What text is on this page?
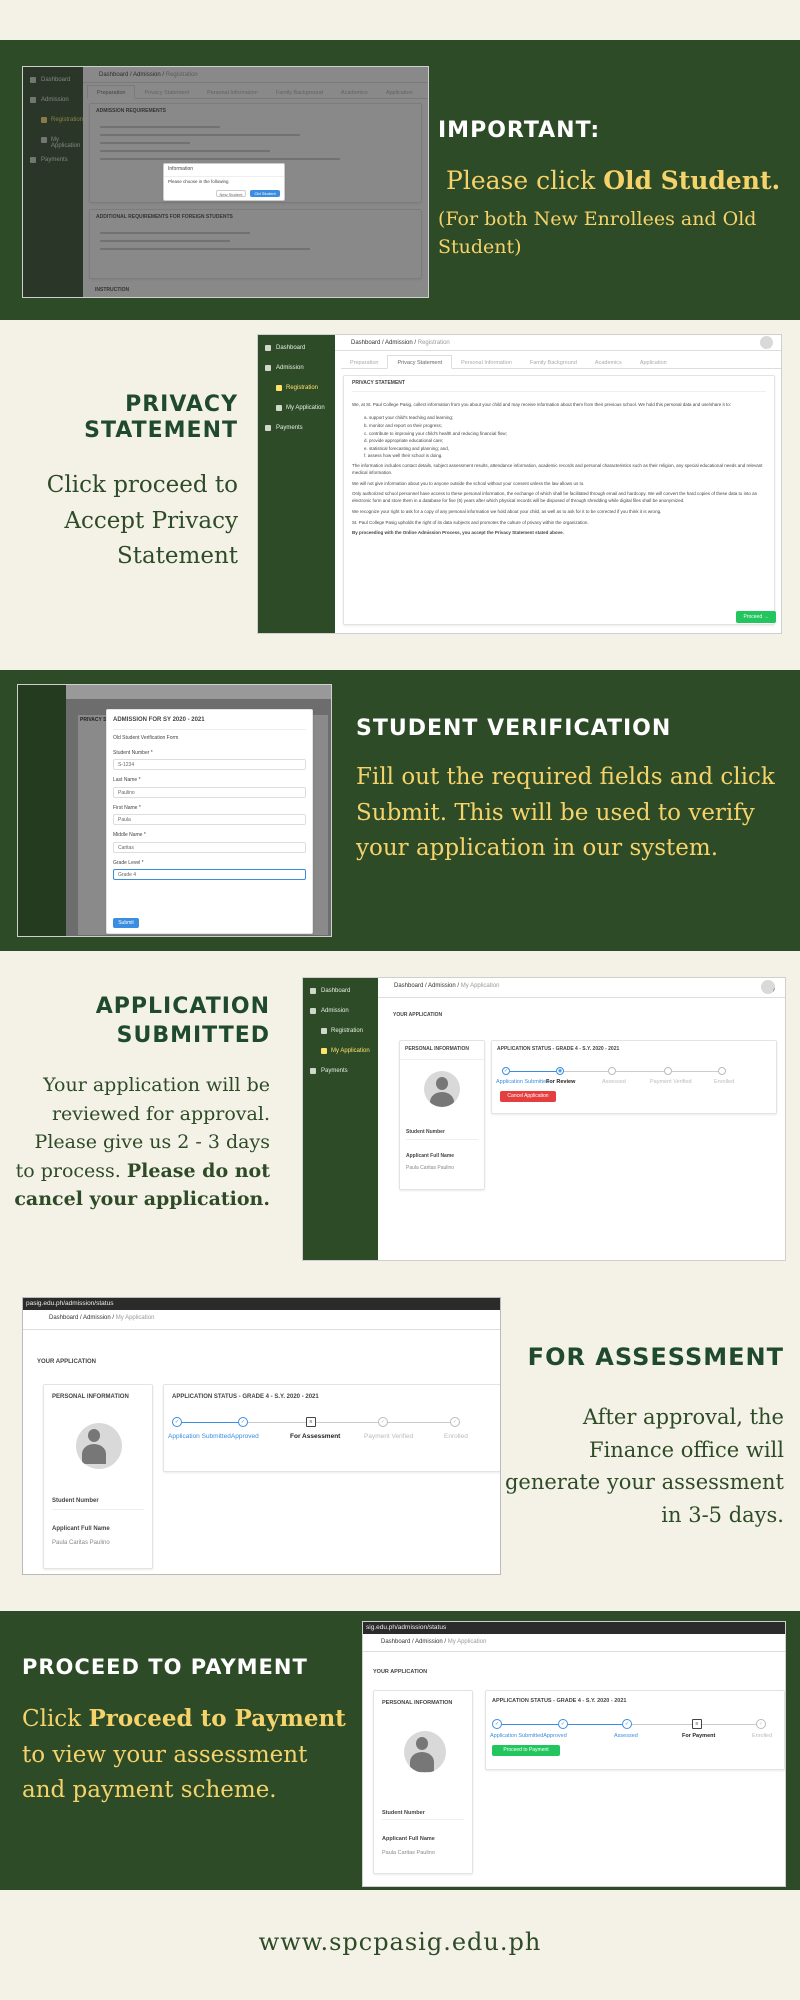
Information
Please choose in the following
New Student	Old Student
IMPORTANT:
Please click Old Student.
(For both New Enrollees and Old Student)
PRIVACY STATEMENT
Click proceed to Accept Privacy Statement
Dashboard
Admission
Registration
My Application
Payments
Dashboard / Admission / Registration
Preparation	Privacy Statement	Personal Information	Family Background	Academics	Application
PRIVACY STATEMENT
We, at St. Paul College Pasig, collect information from you about your child and may receive information about them from their previous school. We hold this personal data and use/share it to:
a. support your child's teaching and learning;
b. monitor and report on their progress;
c. contribute to improving your child's health and reducing financial flow;
d. provide appropriate educational care;
e. statistical forecasting and planning; and,
f. assess how well their school is doing.
The information includes contact details, subject assessment results, attendance information, academic records and personal characteristics such as their religion, any special educational needs and relevant medical information.
We will not give information about you to anyone outside the school without your consent unless the law allows us to.
Only authorized school personnel have access to these personal information, the exchange of which shall be facilitated through email and hardcopy. We will convert the hard copies of these data to into an electronic form and store them in a database for five (5) years after which physical records will be disposed of through shredding while digital files shall be anonymized.
We recognize your right to ask for a copy of any personal information we hold about your child, as well as to ask for it to be corrected if you think it is wrong.
St. Paul College Pasig upholds the right of its data subjects and promotes the culture of privacy within the organization.
By proceeding with the Online Admission Process, you accept the Privacy Statement stated above.
Proceed →
PRIVACY S ADMISSION FOR SY 2020 - 2021
Old Student Verification Form
Student Number *
S-1234
Last Name *
Paulino
First Name *
Paula
Middle Name *
Caritas
Grade Level *
Grade 4
Submit
STUDENT VERIFICATION
Fill out the required fields and click Submit. This will be used to verify your application in our system.
APPLICATION SUBMITTED
Your application will be reviewed for approval. Please give us 2 - 3 days to process. Please do not cancel your application.
Dashboard
Admission
Registration
My Application
Payments
Dashboard / Admission / My Application
YOUR APPLICATION
PERSONAL INFORMATION
Student Number
Applicant Full Name
Paula Caritas Paulino
APPLICATION STATUS - GRADE 4 - S.Y. 2020 - 2021
✓	◉
Application Submitted
For Review	Assessed	Payment Verified	Enrolled
Cancel Application
pasig.edu.ph/admission/status
Dashboard / Admission / My Application
YOUR APPLICATION
PERSONAL INFORMATION
Student Number
Applicant Full Name
Paula Caritas Paulino
APPLICATION STATUS - GRADE 4 - S.Y. 2020 - 2021
✓	✓	≡	✓	✓
Application SubmittedApproved	For Assessment	Payment Verified	Enrolled
FOR ASSESSMENT
After approval, the Finance office will generate your assessment in 3-5 days.
PROCEED TO PAYMENT
Click Proceed to Payment to view your assessment and payment scheme.
sig.edu.ph/admission/status
Dashboard / Admission / My Application
YOUR APPLICATION
PERSONAL INFORMATION
Student Number
Applicant Full Name
Paula Caritas Paulino
APPLICATION STATUS - GRADE 4 - S.Y. 2020 - 2021
✓	✓	✓	≡	✓
Application SubmittedApproved	Assessed	For Payment	Enrolled
Proceed to Payment
www.spcpasig.edu.ph
